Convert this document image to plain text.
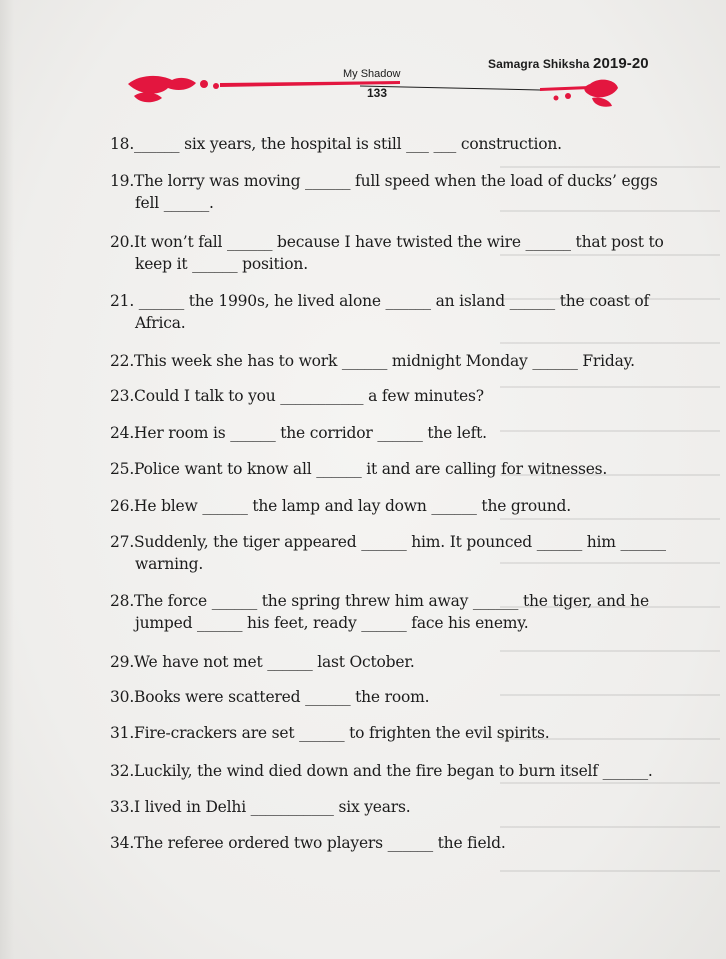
Samagra Shiksha 2019-20
My Shadow
133
18.______ six years, the hospital is still ___ ___ construction.
19.The lorry was moving ______ full speed when the load of ducks’ eggs
fell ______.
20.It won’t fall ______ because I have twisted the wire ______ that post to
keep it ______ position.
21. ______ the 1990s, he lived alone ______ an island ______ the coast of
Africa.
22.This week she has to work ______ midnight Monday ______ Friday.
23.Could I talk to you ___________ a few minutes?
24.Her room is ______ the corridor ______ the left.
25.Police want to know all ______ it and are calling for witnesses.
26.He blew ______ the lamp and lay down ______ the ground.
27.Suddenly, the tiger appeared ______ him. It pounced ______ him ______
warning.
28.The force ______ the spring threw him away ______ the tiger, and he
jumped ______ his feet, ready ______ face his enemy.
29.We have not met ______ last October.
30.Books were scattered ______ the room.
31.Fire-crackers are set ______ to frighten the evil spirits.
32.Luckily, the wind died down and the fire began to burn itself ______.
33.I lived in Delhi ___________ six years.
34.The referee ordered two players ______ the field.
